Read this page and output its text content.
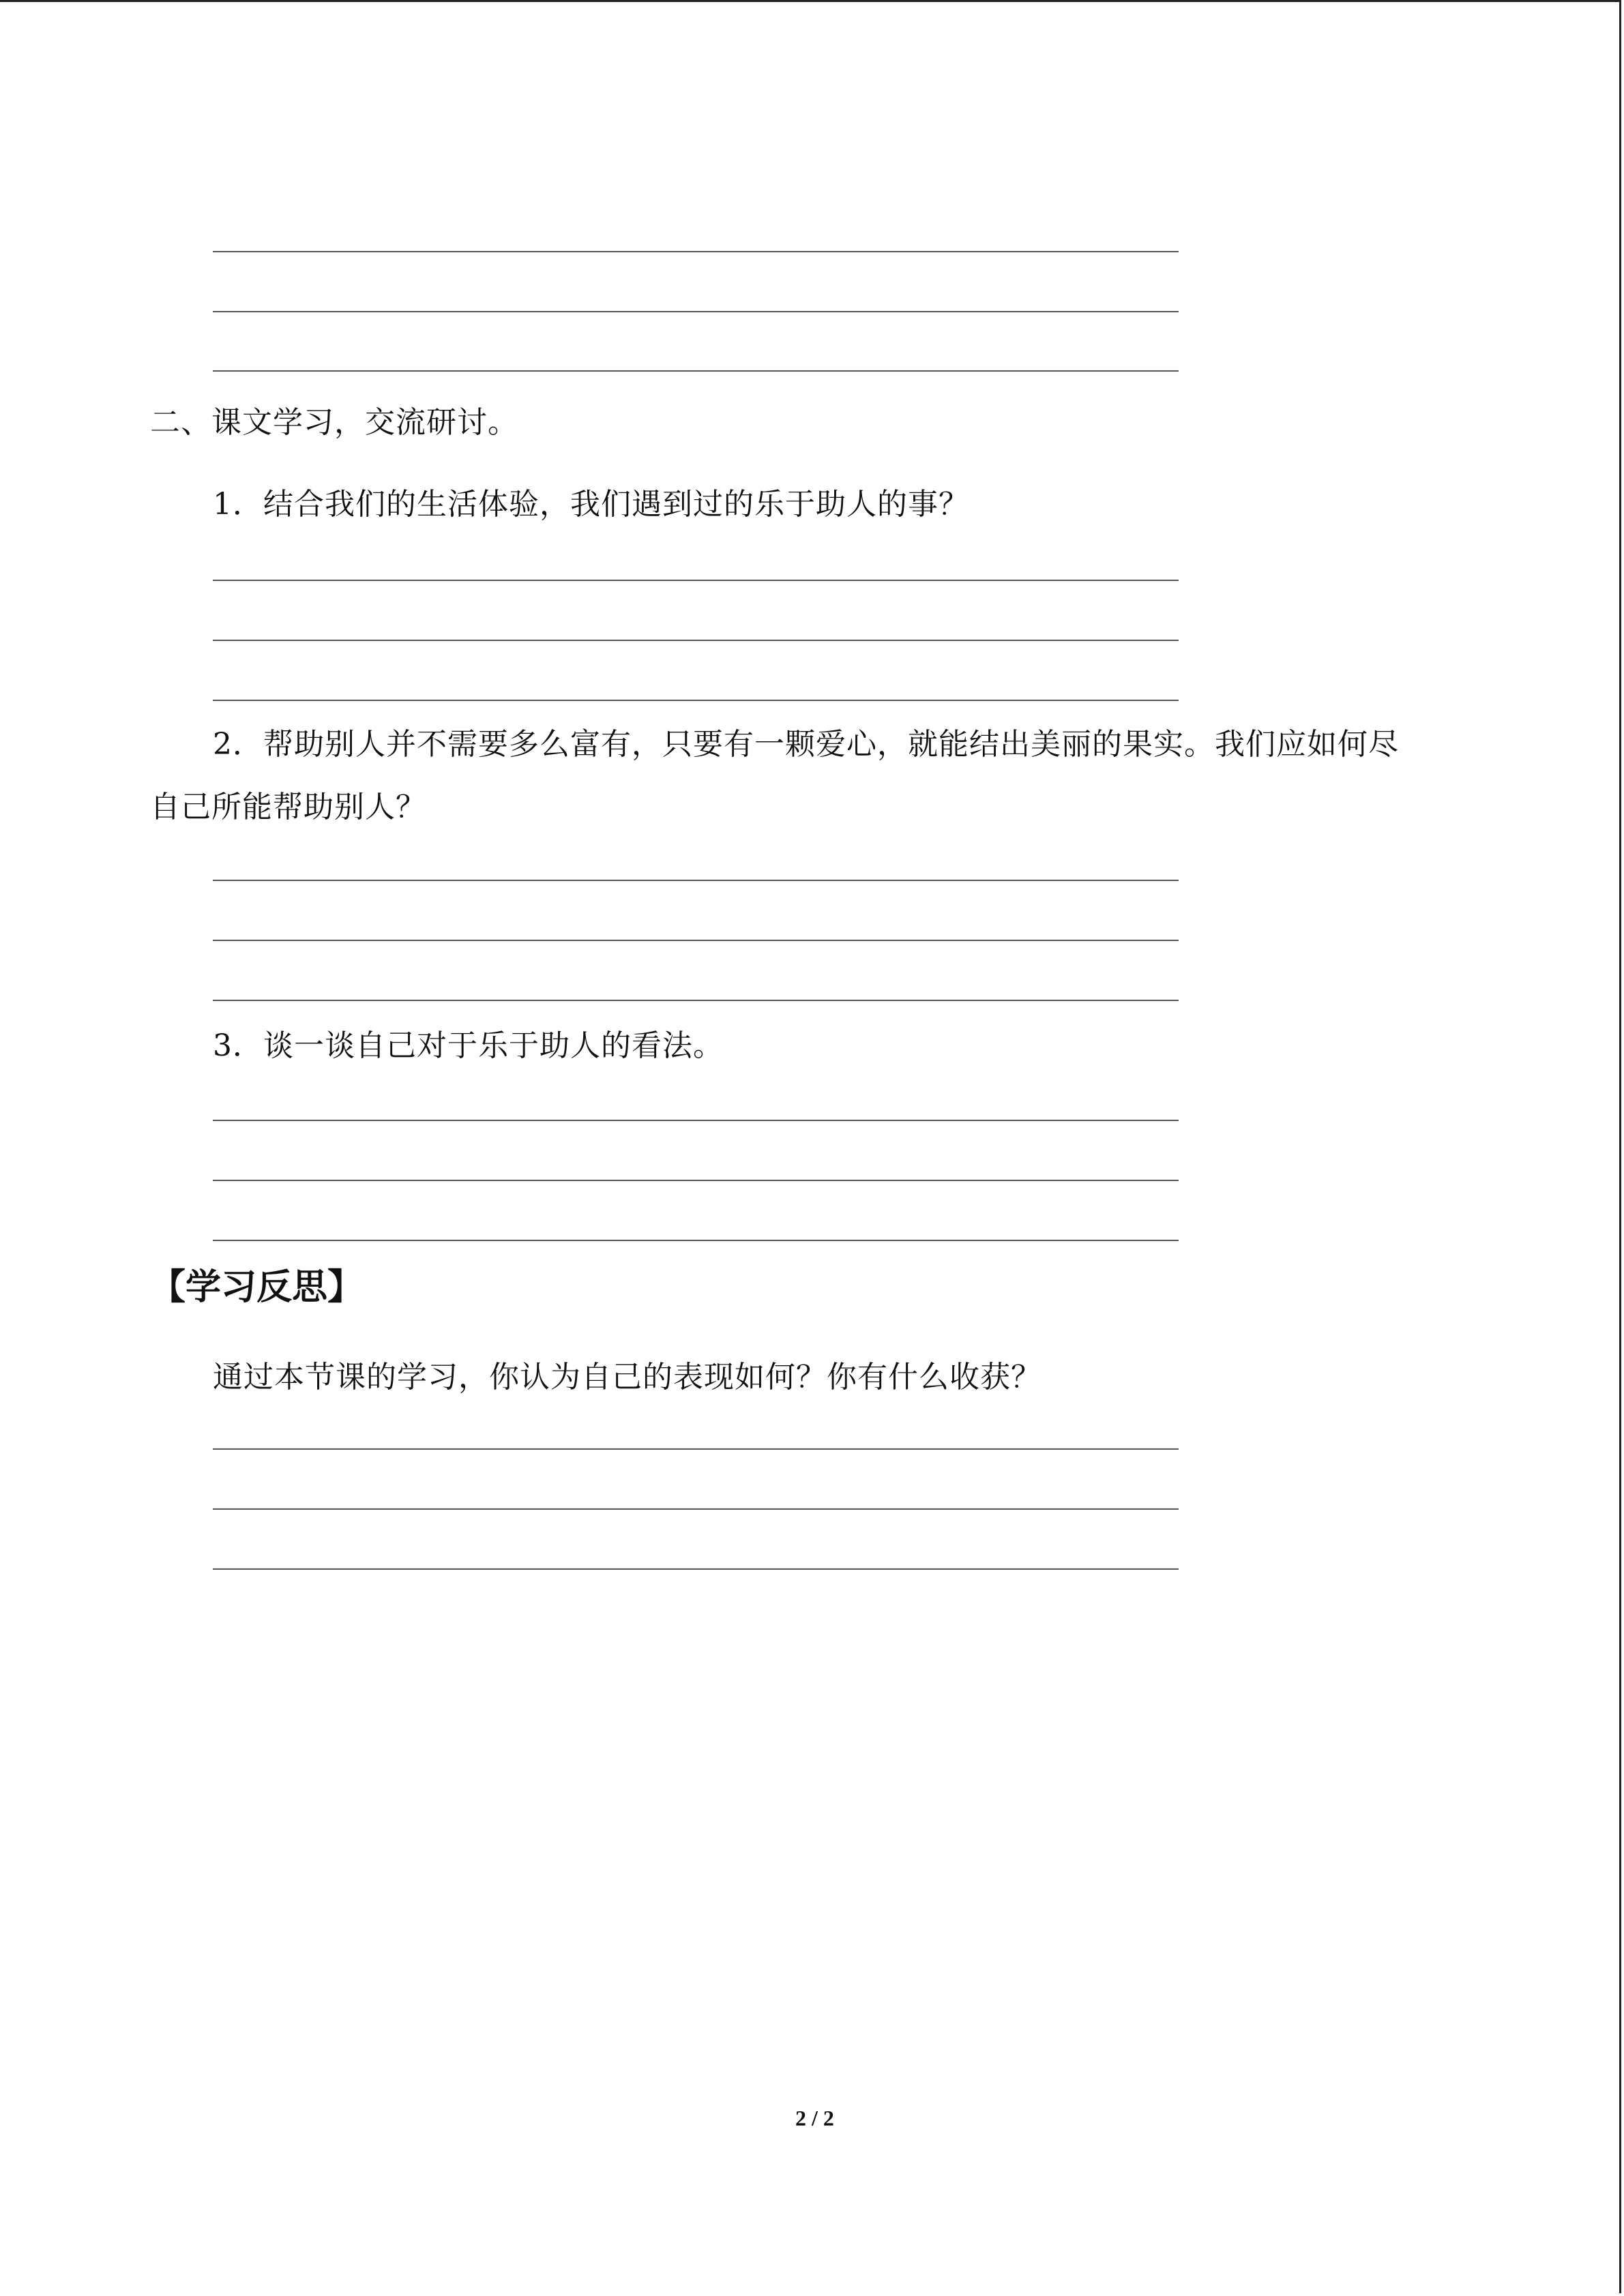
二、课文学习，交流研讨。
1．结合我们的生活体验，我们遇到过的乐于助人的事？
2．帮助别人并不需要多么富有，只要有一颗爱心，就能结出美丽的果实。我们应如何尽
自己所能帮助别人？
3．谈一谈自己对于乐于助人的看法。
【学习反思】
通过本节课的学习，你认为自己的表现如何？你有什么收获？
2 / 2
